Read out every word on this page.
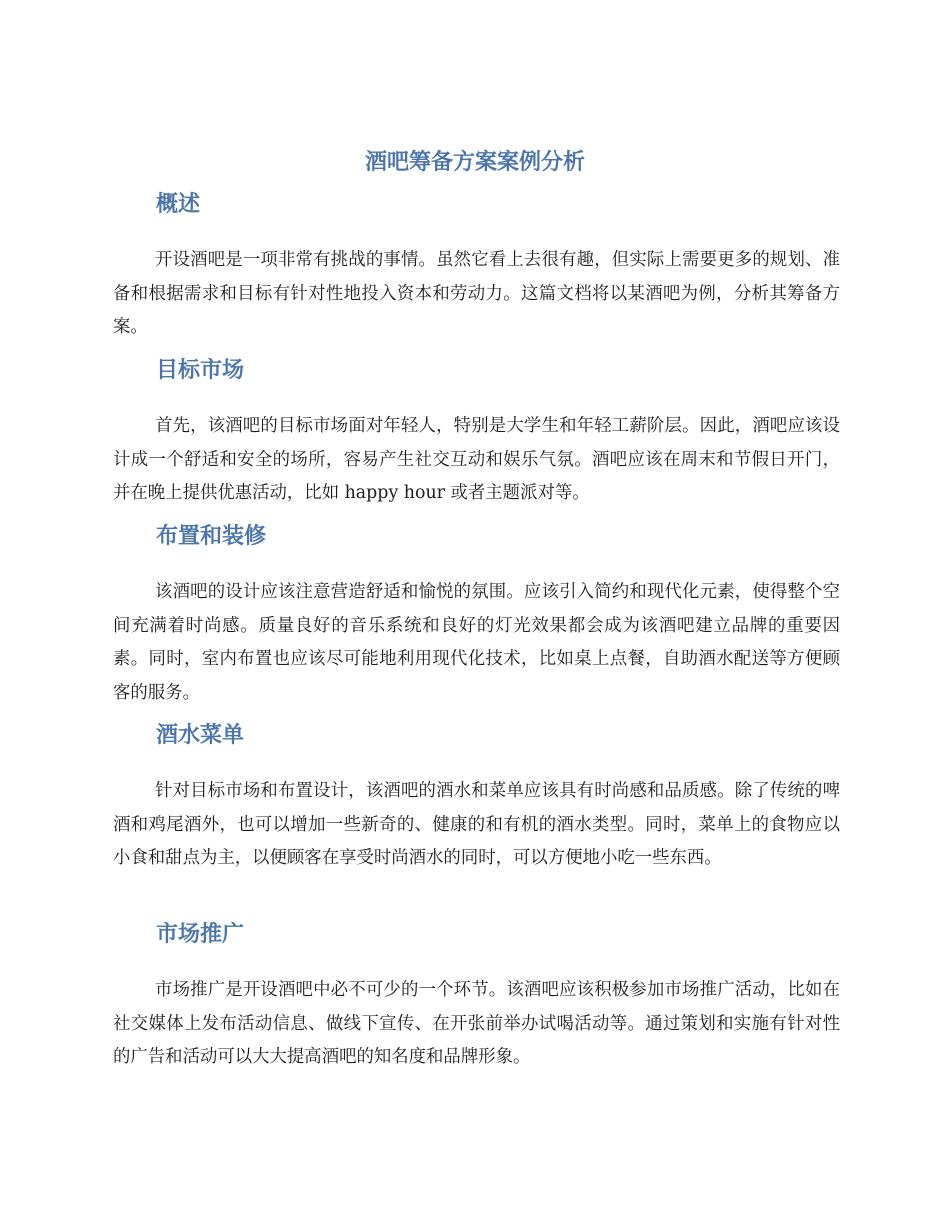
酒吧筹备方案案例分析
概述

开设酒吧是一项非常有挑战的事情。虽然它看上去很有趣，但实际上需要更多的规划、准备和根据需求和目标有针对性地投入资本和劳动力。这篇文档将以某酒吧为例，分析其筹备方案。

目标市场

首先，该酒吧的目标市场面对年轻人，特别是大学生和年轻工薪阶层。因此，酒吧应该设计成一个舒适和安全的场所，容易产生社交互动和娱乐气氛。酒吧应该在周末和节假日开门，并在晚上提供优惠活动，比如 happy hour 或者主题派对等。

布置和装修

该酒吧的设计应该注意营造舒适和愉悦的氛围。应该引入简约和现代化元素，使得整个空间充满着时尚感。质量良好的音乐系统和良好的灯光效果都会成为该酒吧建立品牌的重要因素。同时，室内布置也应该尽可能地利用现代化技术，比如桌上点餐，自助酒水配送等方便顾客的服务。

酒水菜单

针对目标市场和布置设计，该酒吧的酒水和菜单应该具有时尚感和品质感。除了传统的啤酒和鸡尾酒外，也可以增加一些新奇的、健康的和有机的酒水类型。同时，菜单上的食物应以小食和甜点为主，以便顾客在享受时尚酒水的同时，可以方便地小吃一些东西。

市场推广

市场推广是开设酒吧中必不可少的一个环节。该酒吧应该积极参加市场推广活动，比如在社交媒体上发布活动信息、做线下宣传、在开张前举办试喝活动等。通过策划和实施有针对性的广告和活动可以大大提高酒吧的知名度和品牌形象。
